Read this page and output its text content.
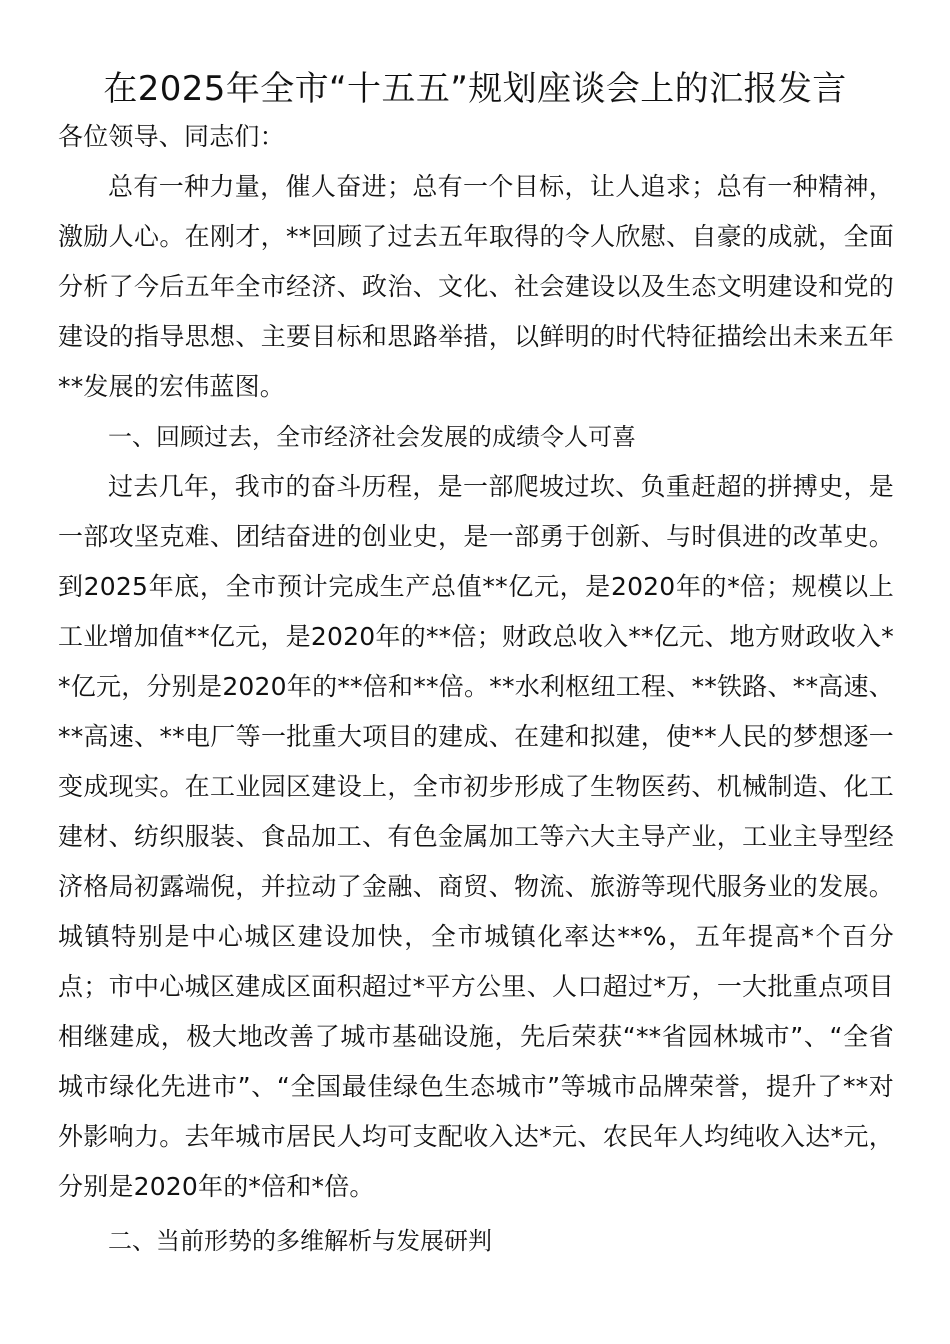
在2025年全市“十五五”规划座谈会上的汇报发言

各位领导、同志们：

总有一种力量，催人奋进；总有一个目标，让人追求；总有一种精神，激励人心。在刚才，**回顾了过去五年取得的令人欣慰、自豪的成就，全面分析了今后五年全市经济、政治、文化、社会建设以及生态文明建设和党的建设的指导思想、主要目标和思路举措，以鲜明的时代特征描绘出未来五年**发展的宏伟蓝图。

一、回顾过去，全市经济社会发展的成绩令人可喜

过去几年，我市的奋斗历程，是一部爬坡过坎、负重赶超的拼搏史，是一部攻坚克难、团结奋进的创业史，是一部勇于创新、与时俱进的改革史。到2025年底，全市预计完成生产总值**亿元，是2020年的*倍；规模以上工业增加值**亿元，是2020年的**倍；财政总收入**亿元、地方财政收入**亿元，分别是2020年的**倍和**倍。**水利枢纽工程、**铁路、**高速、**高速、**电厂等一批重大项目的建成、在建和拟建，使**人民的梦想逐一变成现实。在工业园区建设上，全市初步形成了生物医药、机械制造、化工建材、纺织服装、食品加工、有色金属加工等六大主导产业，工业主导型经济格局初露端倪，并拉动了金融、商贸、物流、旅游等现代服务业的发展。城镇特别是中心城区建设加快，全市城镇化率达**%，五年提高*个百分点；市中心城区建成区面积超过*平方公里、人口超过*万，一大批重点项目相继建成，极大地改善了城市基础设施，先后荣获“**省园林城市”、“全省城市绿化先进市”、“全国最佳绿色生态城市”等城市品牌荣誉，提升了**对外影响力。去年城市居民人均可支配收入达*元、农民年人均纯收入达*元，分别是2020年的*倍和*倍。

二、当前形势的多维解析与发展研判
